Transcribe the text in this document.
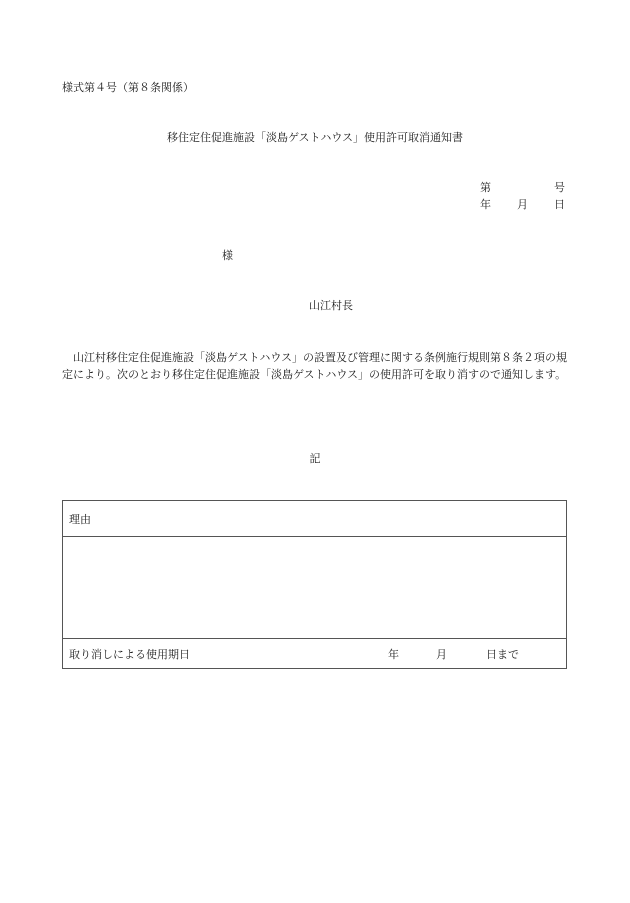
様式第４号（第８条関係）
移住定住促進施設「淡島ゲストハウス」使用許可取消通知書
第	号
年 月 日
様
山江村長
山江村移住定住促進施設「淡島ゲストハウス」の設置及び管理に関する条例施行規則第８条２項の規定により。次のとおり移住定住促進施設「淡島ゲストハウス」の使用許可を取り消すので通知します。
記
理由
取り消しによる使用期日	年	月	日まで
